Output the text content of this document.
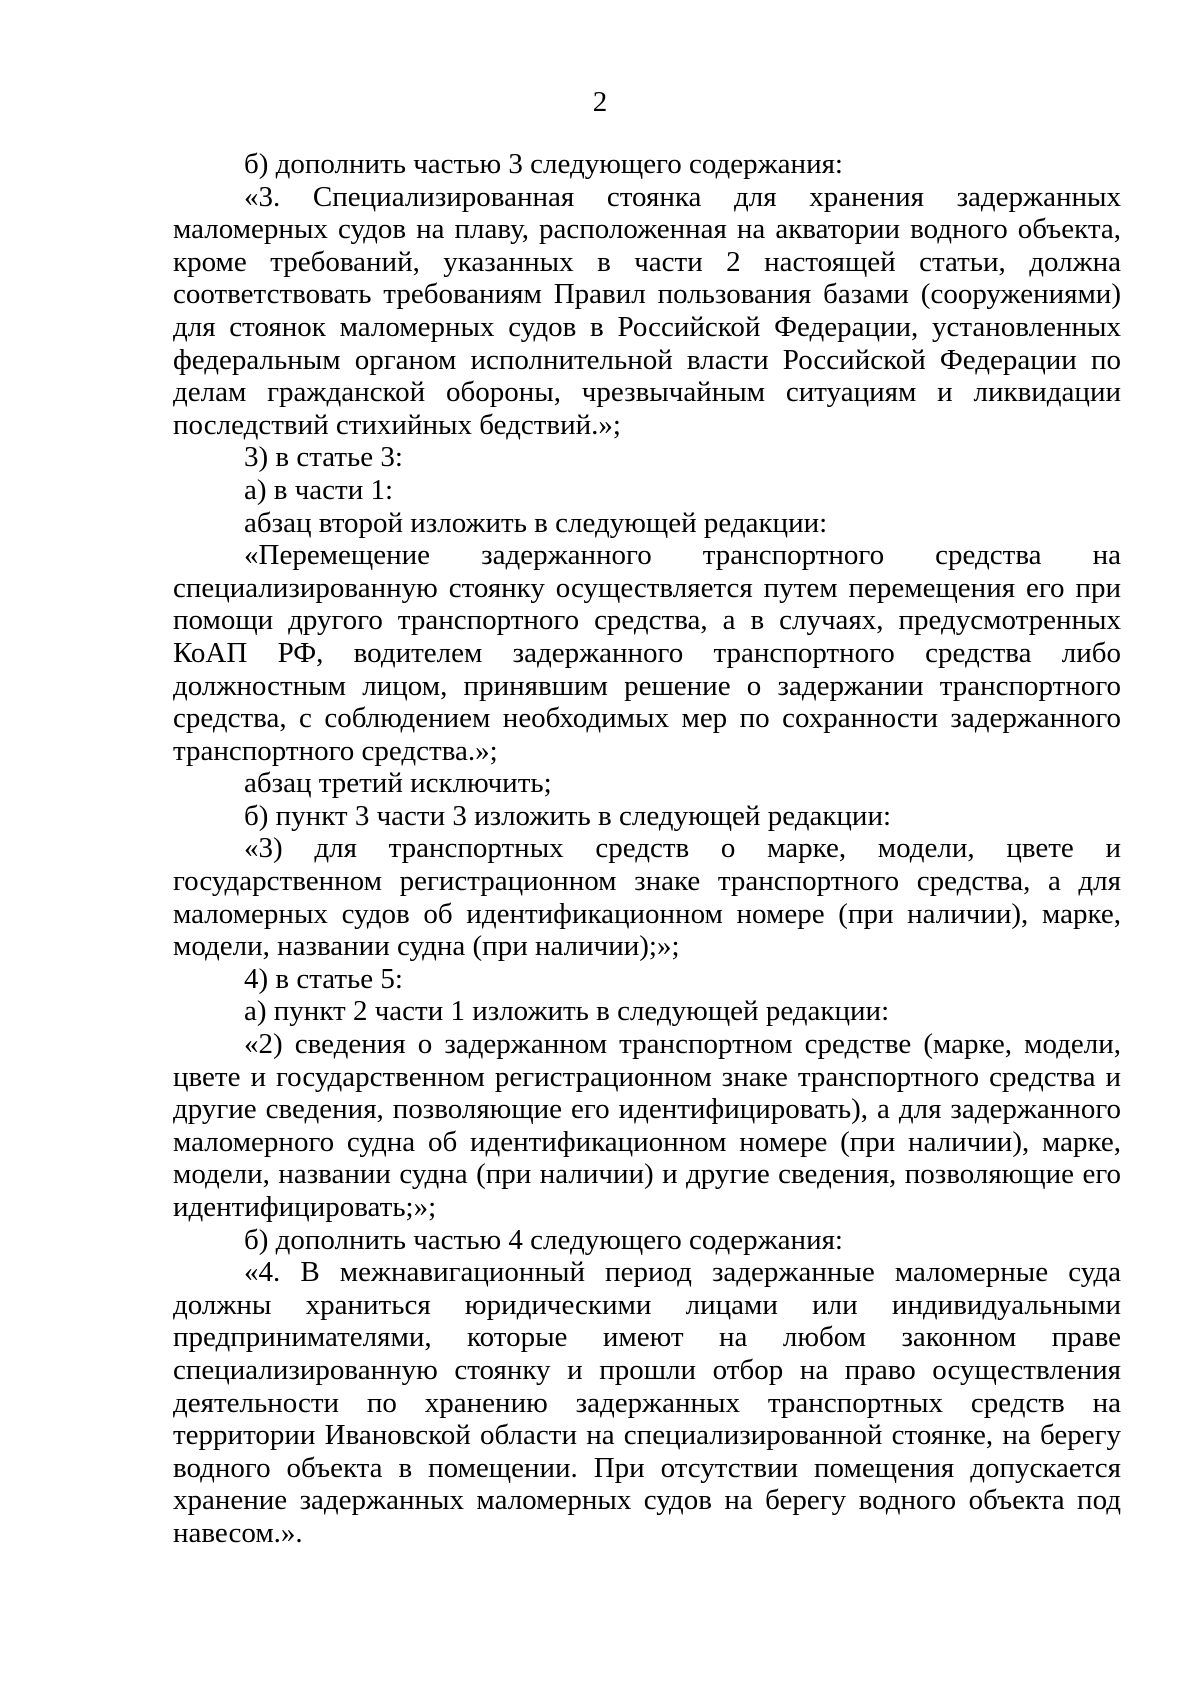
2

б) дополнить частью 3 следующего содержания:

«3. Специализированная стоянка для хранения задержанных маломерных судов на плаву, расположенная на акватории водного объекта, кроме требований, указанных в части 2 настоящей статьи, должна соответствовать требованиям Правил пользования базами (сооружениями) для стоянок маломерных судов в Российской Федерации, установленных федеральным органом исполнительной власти Российской Федерации по делам гражданской обороны, чрезвычайным ситуациям и ликвидации последствий стихийных бедствий.»;

3) в статье 3:

а) в части 1:

абзац второй изложить в следующей редакции:

«Перемещение задержанного транспортного средства на специализированную стоянку осуществляется путем перемещения его при помощи другого транспортного средства, а в случаях, предусмотренных КоАП РФ, водителем задержанного транспортного средства либо должностным лицом, принявшим решение о задержании транспортного средства, с соблюдением необходимых мер по сохранности задержанного транспортного средства.»;

абзац третий исключить;

б) пункт 3 части 3 изложить в следующей редакции:

«3) для транспортных средств о марке, модели, цвете и государственном регистрационном знаке транспортного средства, а для маломерных судов об идентификационном номере (при наличии), марке, модели, названии судна (при наличии);»;

4) в статье 5:

а) пункт 2 части 1 изложить в следующей редакции:

«2) сведения о задержанном транспортном средстве (марке, модели, цвете и государственном регистрационном знаке транспортного средства и другие сведения, позволяющие его идентифицировать), а для задержанного маломерного судна об идентификационном номере (при наличии), марке, модели, названии судна (при наличии) и другие сведения, позволяющие его идентифицировать;»;

б) дополнить частью 4 следующего содержания:

«4. В межнавигационный период задержанные маломерные суда должны храниться юридическими лицами или индивидуальными предпринимателями, которые имеют на любом законном праве специализированную стоянку и прошли отбор на право осуществления деятельности по хранению задержанных транспортных средств на территории Ивановской области на специализированной стоянке, на берегу водного объекта в помещении. При отсутствии помещения допускается хранение задержанных маломерных судов на берегу водного объекта под навесом.».
